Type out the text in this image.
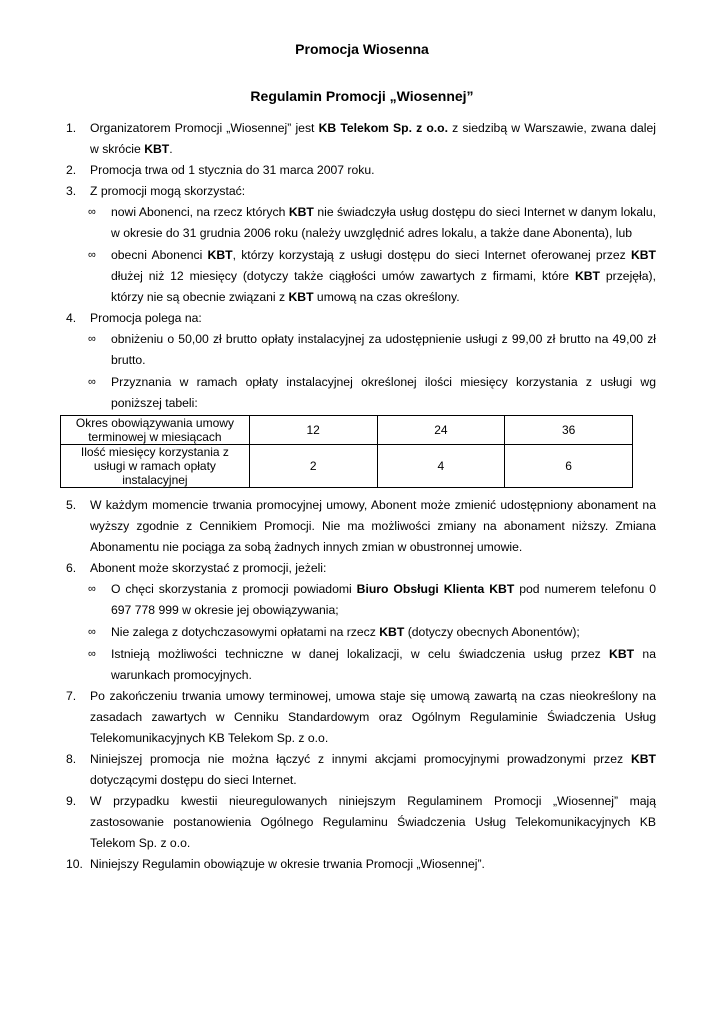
Promocja Wiosenna
Regulamin Promocji „Wiosennej”
1. Organizatorem Promocji „Wiosennej” jest KB Telekom Sp. z o.o. z siedzibą w Warszawie, zwana dalej w skrócie KBT.
2. Promocja trwa od 1 stycznia do 31 marca 2007 roku.
3. Z promocji mogą skorzystać:
∞ nowi Abonenci, na rzecz których KBT nie świadczyła usług dostępu do sieci Internet w danym lokalu, w okresie do 31 grudnia 2006 roku (należy uwzględnić adres lokalu, a także dane Abonenta), lub
∞ obecni Abonenci KBT, którzy korzystają z usługi dostępu do sieci Internet oferowanej przez KBT dłużej niż 12 miesięcy (dotyczy także ciągłości umów zawartych z firmami, które KBT przejęła), którzy nie są obecnie związani z KBT umową na czas określony.
4. Promocja polega na:
∞ obniżeniu o 50,00 zł brutto opłaty instalacyjnej za udostępnienie usługi z 99,00 zł brutto na 49,00 zł brutto.
∞ Przyznania w ramach opłaty instalacyjnej określonej ilości miesięcy korzystania z usługi wg poniższej tabeli:
Okres obowiązywania umowy terminowej w miesiącach	12	24	36
Ilość miesięcy korzystania z usługi w ramach opłaty instalacyjnej	2	4	6
5. W każdym momencie trwania promocyjnej umowy, Abonent może zmienić udostępniony abonament na wyższy zgodnie z Cennikiem Promocji. Nie ma możliwości zmiany na abonament niższy. Zmiana Abonamentu nie pociąga za sobą żadnych innych zmian w obustronnej umowie.
6. Abonent może skorzystać z promocji, jeżeli:
∞ O chęci skorzystania z promocji powiadomi Biuro Obsługi Klienta KBT pod numerem telefonu 0 697 778 999 w okresie jej obowiązywania;
∞ Nie zalega z dotychczasowymi opłatami na rzecz KBT (dotyczy obecnych Abonentów);
∞ Istnieją możliwości techniczne w danej lokalizacji, w celu świadczenia usług przez KBT na warunkach promocyjnych.
7. Po zakończeniu trwania umowy terminowej, umowa staje się umową zawartą na czas nieokreślony na zasadach zawartych w Cenniku Standardowym oraz Ogólnym Regulaminie Świadczenia Usług Telekomunikacyjnych KB Telekom Sp. z o.o.
8. Niniejszej promocja nie można łączyć z innymi akcjami promocyjnymi prowadzonymi przez KBT dotyczącymi dostępu do sieci Internet.
9. W przypadku kwestii nieuregulowanych niniejszym Regulaminem Promocji „Wiosennej” mają zastosowanie postanowienia Ogólnego Regulaminu Świadczenia Usług Telekomunikacyjnych KB Telekom Sp. z o.o.
10. Niniejszy Regulamin obowiązuje w okresie trwania Promocji „Wiosennej”.
